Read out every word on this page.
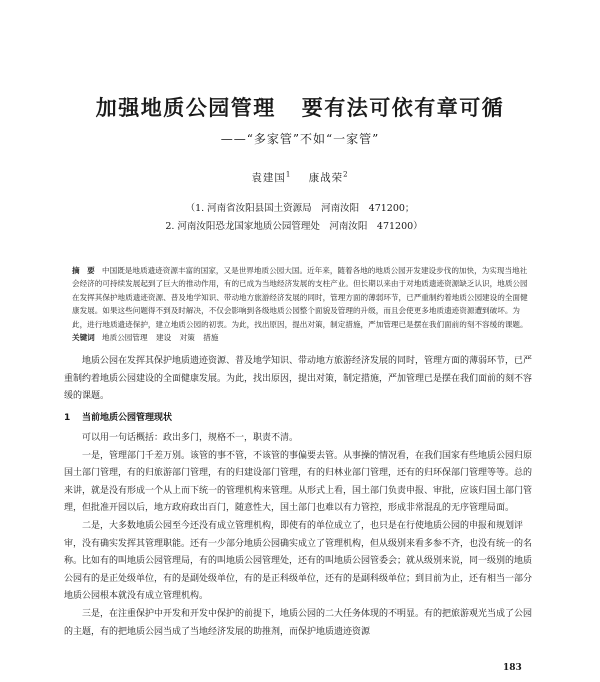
加强地质公园管理 要有法可依有章可循
——“多家管”不如“一家管”
袁建国$^1$ 康战荣$^2$
（1. 河南省汝阳县国土资源局　河南汝阳　471200；
2. 河南汝阳恐龙国家地质公园管理处　河南汝阳　471200）

摘　要 中国既是地质遗迹资源丰富的国家，又是世界地质公园大国。近年来，随着各地的地质公园开发建设步伐的加快，为实现当地社会经济的可持续发展起到了巨大的推动作用，有的已成为当地经济发展的支柱产业。但长期以来由于对地质遗迹资源缺乏认识，地质公园在发挥其保护地质遗迹资源、普及地学知识、带动地方旅游经济发展的同时，管理方面的薄弱环节，已严重制约着地质公园建设的全面健康发展。如果这些问题得不到及时解决，不仅会影响到各级地质公园整个面貌及管理的升级，而且会使更多地质遗迹资源遭到破坏。为此，进行地质遗迹保护，建立地质公园的初衷。为此，找出原因，提出对策，制定措施，严加管理已是摆在我们面前的刻不容缓的课题。

关键词 地质公园管理 建设 对策 措施

地质公园在发挥其保护地质遗迹资源、普及地学知识、带动地方旅游经济发展的同时，管理方面的薄弱环节，已严重制约着地质公园建设的全面健康发展。为此，找出原因，提出对策，制定措施，严加管理已是摆在我们面前的刻不容缓的课题。

1 当前地质公园管理现状

可以用一句话概括：政出多门，规格不一，职责不清。

一是，管理部门千差万别。该管的事不管，不该管的事偏要去管。从事操的情况看，在我们国家有些地质公园归原国土部门管理，有的归旅游部门管理，有的归建设部门管理，有的归林业部门管理，还有的归环保部门管理等等。总的来讲，就是没有形成一个从上而下统一的管理机构来管理。从形式上看，国土部门负责申报、审批，应该归国土部门管理，但批准开园以后，地方政府政出百门，随意性大，国土部门也难以有力管控，形成非常混乱的无序管理局面。

二是，大多数地质公园至今还没有成立管理机构，即使有的单位成立了，也只是在行使地质公园的申报和规划评审，没有确实发挥其管理职能。还有一少部分地质公园确实成立了管理机构，但从级别来看多参不齐，也没有统一的名称。比如有的叫地质公园管理局，有的叫地质公园管理处，还有的叫地质公园管委会；就从级别来说，同一级别的地质公园有的是正处级单位，有的是副处级单位，有的是正科级单位，还有的是副科级单位；到目前为止，还有相当一部分地质公园根本就没有成立管理机构。

三是，在注重保护中开发和开发中保护的前提下，地质公园的二大任务体现的不明显。有的把旅游观光当成了公园的主题，有的把地质公园当成了当地经济发展的助推剂，而保护地质遗迹资源

183
